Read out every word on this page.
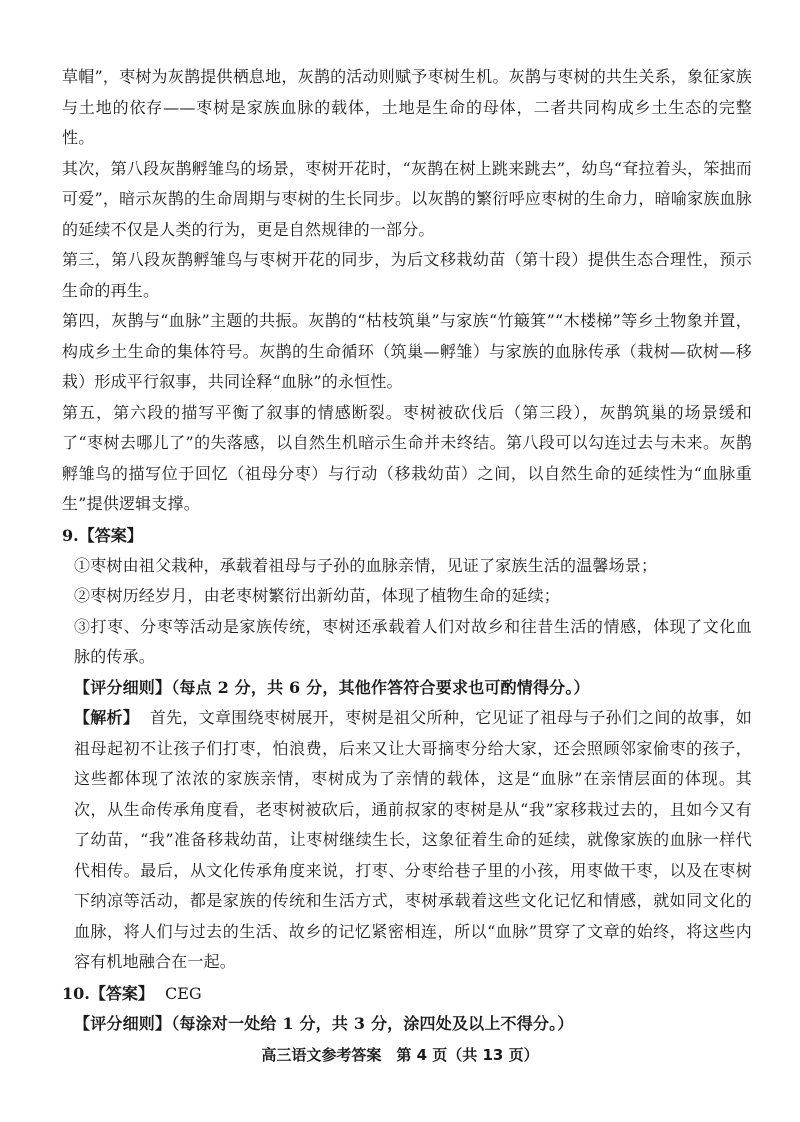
草帽”，枣树为灰鹊提供栖息地，灰鹊的活动则赋予枣树生机。灰鹊与枣树的共生关系，象征家族与土地的依存——枣树是家族血脉的载体，土地是生命的母体，二者共同构成乡土生态的完整性。

其次，第八段灰鹊孵雏鸟的场景，枣树开花时，“灰鹊在树上跳来跳去”，幼鸟“耷拉着头，笨拙而可爱”，暗示灰鹊的生命周期与枣树的生长同步。以灰鹊的繁衍呼应枣树的生命力，暗喻家族血脉的延续不仅是人类的行为，更是自然规律的一部分。

第三，第八段灰鹊孵雏鸟与枣树开花的同步，为后文移栽幼苗（第十段）提供生态合理性，预示生命的再生。

第四，灰鹊与“血脉”主题的共振。灰鹊的“枯枝筑巢”与家族“竹簸箕”“木楼梯”等乡土物象并置，构成乡土生命的集体符号。灰鹊的生命循环（筑巢—孵雏）与家族的血脉传承（栽树—砍树—移栽）形成平行叙事，共同诠释“血脉”的永恒性。

第五，第六段的描写平衡了叙事的情感断裂。枣树被砍伐后（第三段），灰鹊筑巢的场景缓和了“枣树去哪儿了”的失落感，以自然生机暗示生命并未终结。第八段可以勾连过去与未来。灰鹊孵雏鸟的描写位于回忆（祖母分枣）与行动（移栽幼苗）之间，以自然生命的延续性为“血脉重生”提供逻辑支撑。

9.【答案】

①枣树由祖父栽种，承载着祖母与子孙的血脉亲情，见证了家族生活的温馨场景；

②枣树历经岁月，由老枣树繁衍出新幼苗，体现了植物生命的延续；

③打枣、分枣等活动是家族传统，枣树还承载着人们对故乡和往昔生活的情感，体现了文化血脉的传承。

【评分细则】（每点 2 分，共 6 分，其他作答符合要求也可酌情得分。）

【解析】 首先，文章围绕枣树展开，枣树是祖父所种，它见证了祖母与子孙们之间的故事，如祖母起初不让孩子们打枣，怕浪费，后来又让大哥摘枣分给大家，还会照顾邻家偷枣的孩子，这些都体现了浓浓的家族亲情，枣树成为了亲情的载体，这是“血脉”在亲情层面的体现。其次，从生命传承角度看，老枣树被砍后，通前叔家的枣树是从“我”家移栽过去的，且如今又有了幼苗，“我”准备移栽幼苗，让枣树继续生长，这象征着生命的延续，就像家族的血脉一样代代相传。最后，从文化传承角度来说，打枣、分枣给巷子里的小孩，用枣做干枣，以及在枣树下纳凉等活动，都是家族的传统和生活方式，枣树承载着这些文化记忆和情感，就如同文化的血脉，将人们与过去的生活、故乡的记忆紧密相连，所以“血脉”贯穿了文章的始终，将这些内容有机地融合在一起。

10.【答案】 CEG

【评分细则】（每涂对一处给 1 分，共 3 分，涂四处及以上不得分。）

高三语文参考答案　第 4 页（共 13 页）
